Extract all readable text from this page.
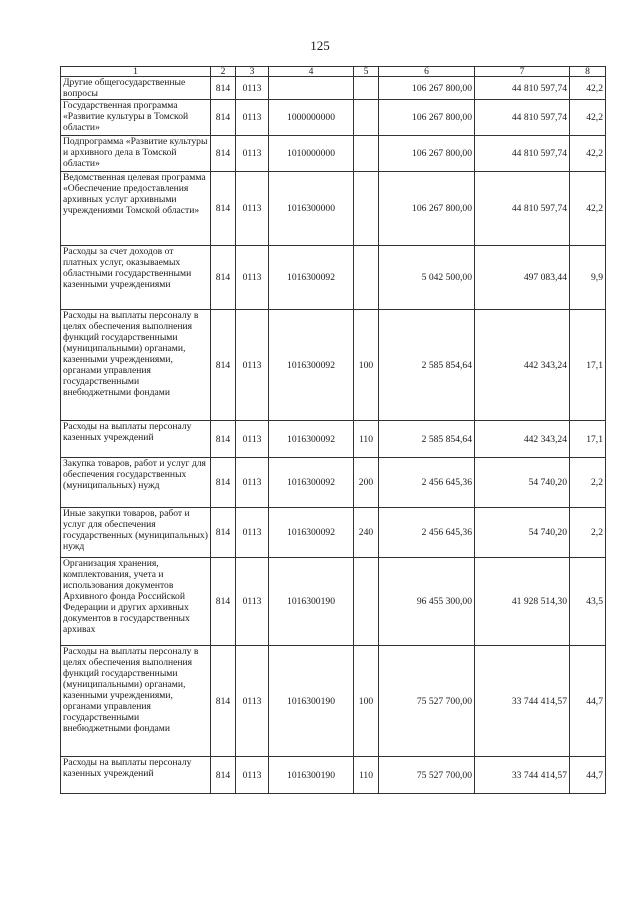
125
1	2	3	4	5	6	7	8
Другие общегосударственные вопросы	814	0113			106 267 800,00	44 810 597,74	42,2
Государственная программа «Развитие культуры в Томской области»	814	0113	1000000000		106 267 800,00	44 810 597,74	42,2
Подпрограмма «Развитие культуры и архивного дела в Томской области»	814	0113	1010000000		106 267 800,00	44 810 597,74	42,2
Ведомственная целевая программа «Обеспечение предоставления архивных услуг архивными учреждениями Томской области»	814	0113	1016300000		106 267 800,00	44 810 597,74	42,2
Расходы за счет доходов от платных услуг, оказываемых областными государственными казенными учреждениями	814	0113	1016300092		5 042 500,00	497 083,44	9,9
Расходы на выплаты персоналу в целях обеспечения выполнения функций государственными (муниципальными) органами, казенными учреждениями, органами управления государственными внебюджетными фондами	814	0113	1016300092	100	2 585 854,64	442 343,24	17,1
Расходы на выплаты персоналу казенных учреждений	814	0113	1016300092	110	2 585 854,64	442 343,24	17,1
Закупка товаров, работ и услуг для обеспечения государственных (муниципальных) нужд	814	0113	1016300092	200	2 456 645,36	54 740,20	2,2
Иные закупки товаров, работ и услуг для обеспечения государственных (муниципальных) нужд	814	0113	1016300092	240	2 456 645,36	54 740,20	2,2
Организация хранения, комплектования, учета и использования документов Архивного фонда Российской Федерации и других архивных документов в государственных архивах	814	0113	1016300190		96 455 300,00	41 928 514,30	43,5
Расходы на выплаты персоналу в целях обеспечения выполнения функций государственными (муниципальными) органами, казенными учреждениями, органами управления государственными внебюджетными фондами	814	0113	1016300190	100	75 527 700,00	33 744 414,57	44,7
Расходы на выплаты персоналу казенных учреждений	814	0113	1016300190	110	75 527 700,00	33 744 414,57	44,7
